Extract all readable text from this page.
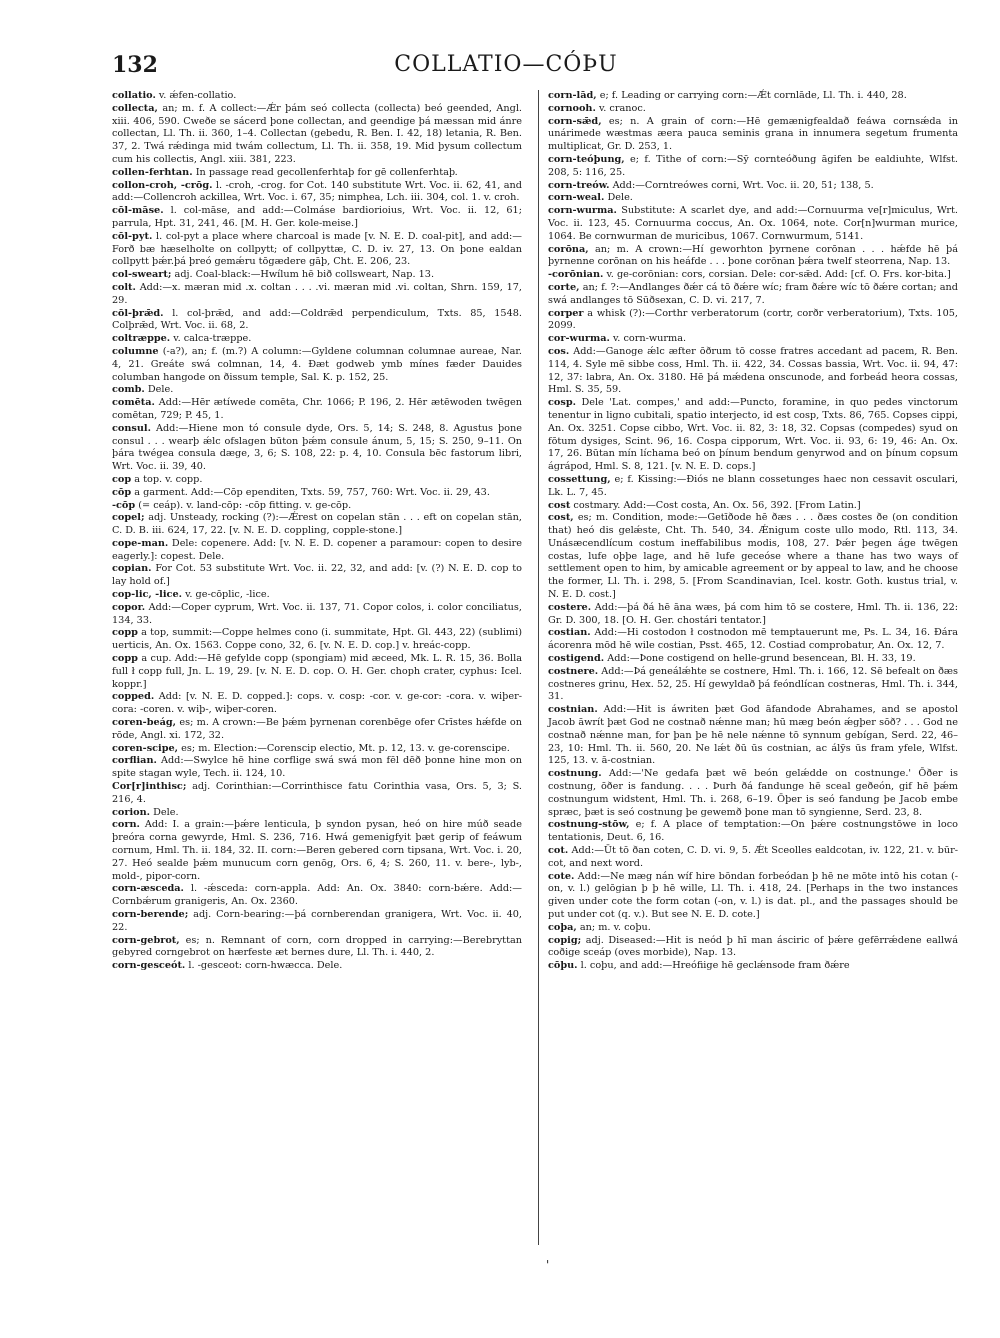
132	COLLATIO—CÓÞU
collatio. v. ǽfen-collatio.
collecta, an; m. f. A collect:—Ǽr þám seó collecta (collecta) beó geended, Angl. xiii. 406, 590. Cweðe se sácerd þone collectan, and geendige þá mæssan mid ánre collectan, Ll. Th. ii. 360, 1–4. Collectan (gebedu, R. Ben. I. 42, 18) letania, R. Ben. 37, 2. Twá rǽdinga mid twám collectum, Ll. Th. ii. 358, 19. Mid þysum collectum cum his collectis, Angl. xiii. 381, 223.
collen-ferhtan. In passage read gecollenferhtaþ for gē collenferhtaþ.
collon-croh, -crōg. l. -croh, -crog. for Cot. 140 substitute Wrt. Voc. ii. 62, 41, and add:—Collencroh ackillea, Wrt. Voc. i. 67, 35; nimphea, Lch. iii. 304, col. 1. v. croh.
cōl-māse. l. col-māse, and add:—Colmáse bardiorioius, Wrt. Voc. ii. 12, 61; parrula, Hpt. 31, 241, 46. [M. H. Ger. kole-meise.]
cōl-pyt. l. col-pyt a place where charcoal is made [v. N. E. D. coal-pit], and add:—Forð bæ hæselholte on collpytt; of collpyttæ, C. D. iv. 27, 13. On þone ealdan collpytt þǽr.þá þreó gemǽru tōgædere gāþ, Cht. E. 206, 23.
col-sweart; adj. Coal-black:—Hwílum hē bið collsweart, Nap. 13.
colt. Add:—x. mæran mid .x. coltan . . . .vi. mæran mid .vi. coltan, Shrn. 159, 17, 29.
cōl-þrǣd. l. col-þrǣd, and add:—Coldrǣd perpendiculum, Txts. 85, 1548. Colþrǣd, Wrt. Voc. ii. 68, 2.
coltræppe. v. calca-træppe.
columne (-a?), an; f. (m.?) A column:—Gyldene columnan columnae aureae, Nar. 4, 21. Greáte swá colmnan, 14, 4. Ðæt godweb ymb mínes fæder Dauides columban hangode on ðissum temple, Sal. K. p. 152, 25.
comb. Dele.
comēta. Add:—Hēr ætíwede comēta, Chr. 1066; P. 196, 2. Hēr ætēwoden twēgen comētan, 729; P. 45, 1.
consul. Add:—Hiene mon tó consule dyde, Ors. 5, 14; S. 248, 8. Agustus þone consul . . . wearþ ǽlc ofslagen būton þǽm consule ánum, 5, 15; S. 250, 9–11. On þára twégea consula dæge, 3, 6; S. 108, 22: p. 4, 10. Consula bēc fastorum libri, Wrt. Voc. ii. 39, 40.
cop a top. v. copp.
cōp a garment. Add:—Cōp ependiten, Txts. 59, 757, 760: Wrt. Voc. ii. 29, 43.
-cōp (= ceáp). v. land-cōp: -cōp fitting. v. ge-cōp.
copel; adj. Unsteady, rocking (?):—Ǽrest on copelan stān . . . eft on copelan stān, C. D. B. iii. 624, 17, 22. [v. N. E. D. coppling, copple-stone.]
cope-man. Dele: copenere. Add: [v. N. E. D. copener a paramour: copen to desire eagerly.]: copest. Dele.
copian. For Cot. 53 substitute Wrt. Voc. ii. 22, 32, and add: [v. (?) N. E. D. cop to lay hold of.]
cop-lic, -lice. v. ge-cōplic, -lice.
copor. Add:—Coper cyprum, Wrt. Voc. ii. 137, 71. Copor colos, i. color conciliatus, 134, 33.
copp a top, summit:—Coppe helmes cono (i. summitate, Hpt. Gl. 443, 22) (sublimi) uerticis, An. Ox. 1563. Coppe cono, 32, 6. [v. N. E. D. cop.] v. hreác-copp.
copp a cup. Add:—Hē gefylde copp (spongiam) mid æceed, Mk. L. R. 15, 36. Bolla full ł copp full, Jn. L. 19, 29. [v. N. E. D. cop. O. H. Ger. choph crater, cyphus: Icel. koppr.]
copped. Add: [v. N. E. D. copped.]: cops. v. cosp: -cor. v. ge-cor: -cora. v. wiþer-cora: -coren. v. wiþ-, wiþer-coren.
coren-beág, es; m. A crown:—Be þǽm þyrnenan corenbēge ofer Crīstes hǽfde on rōde, Angl. xi. 172, 32.
coren-scipe, es; m. Election:—Corenscip electio, Mt. p. 12, 13. v. ge-corenscipe.
corflian. Add:—Swylce hē hine corflige swá swá mon fēl dēð þonne hine mon on spite stagan wyle, Tech. ii. 124, 10.
Cor[r]inthisc; adj. Corinthian:—Corrinthisce fatu Corinthia vasa, Ors. 5, 3; S. 216, 4.
corion. Dele.
corn. Add: I. a grain:—þǽre lenticula, þ syndon pysan, heó on hire múð seade þreóra corna gewyrde, Hml. S. 236, 716. Hwá gemenigfyit þæt gerip of feáwum cornum, Hml. Th. ii. 184, 32. II. corn:—Beren gebered corn tipsana, Wrt. Voc. i. 20, 27. Heó sealde þǽm munucum corn genōg, Ors. 6, 4; S. 260, 11. v. bere-, lyb-, mold-, pipor-corn.
corn-æsceda. l. -ǽsceda: corn-appla. Add: An. Ox. 3840: corn-bǽre. Add:—Cornbǽrum granigeris, An. Ox. 2360.
corn-berende; adj. Corn-bearing:—þá cornberendan granigera, Wrt. Voc. ii. 40, 22.
corn-gebrot, es; n. Remnant of corn, corn dropped in carrying:—Berebryttan gebyred corngebrot on hærfeste æt bernes dure, Ll. Th. i. 440, 2.
corn-gesceót. l. -gesceot: corn-hwæcca. Dele.
corn-lād, e; f. Leading or carrying corn:—Ǽt cornlāde, Ll. Th. i. 440, 28.
cornooh. v. cranoc.
corn-sǣd, es; n. A grain of corn:—Hē gemænigfealdað feáwa cornsǽda in unárimede wæstmas æera pauca seminis grana in innumera segetum frumenta multiplicat, Gr. D. 253, 1.
corn-teóþung, e; f. Tithe of corn:—Sȳ cornteóðung āgifen be ealdiuhte, Wlfst. 208, 5: 116, 25.
corn-treów. Add:—Corntreówes corni, Wrt. Voc. ii. 20, 51; 138, 5.
corn-weal. Dele.
corn-wurma. Substitute: A scarlet dye, and add:—Cornuurma ve[r]miculus, Wrt. Voc. ii. 123, 45. Cornuurma coccus, An. Ox. 1064, note. Cor[n]wurman murice, 1064. Be cornwurman de muricibus, 1067. Cornwurmum, 5141.
corōna, an; m. A crown:—Hí geworhton þyrnene corōnan . . . hǽfde hē þá þyrnenne corōnan on his heáfde . . . þone corōnan þǽra twelf steorrena, Nap. 13.
-corōnian. v. ge-corōnian: cors, corsian. Dele: cor-sǣd. Add: [cf. O. Frs. kor-bita.]
corte, an; f. ?:—Andlanges ðǽr cá tō ðǽre wíc; fram ðǽre wíc tō ðǽre cortan; and swá andlanges tō Sūðsexan, C. D. vi. 217, 7.
corper a whisk (?):—Corthr verberatorum (cortr, corðr verberatorium), Txts. 105, 2099.
cor-wurma. v. corn-wurma.
cos. Add:—Ganoge ǽlc æfter ōðrum tō cosse fratres accedant ad pacem, R. Ben. 114, 4. Syle mē sibbe coss, Hml. Th. ii. 422, 34. Cossas bassia, Wrt. Voc. ii. 94, 47: 12, 37: labra, An. Ox. 3180. Hē þá mǽdena onscunode, and forbeád heora cossas, Hml. S. 35, 59.
cosp. Dele 'Lat. compes,' and add:—Puncto, foramine, in quo pedes vinctorum tenentur in ligno cubitali, spatio interjecto, id est cosp, Txts. 86, 765. Copses cippi, An. Ox. 3251. Copse cibbo, Wrt. Voc. ii. 82, 3: 18, 32. Copsas (compedes) syud on fōtum dysiges, Scint. 96, 16. Cospa cipporum, Wrt. Voc. ii. 93, 6: 19, 46: An. Ox. 17, 26. Būtan mín líchama beó on þínum bendum genyrwod and on þínum copsum ágrápod, Hml. S. 8, 121. [v. N. E. D. cops.]
cossettung, e; f. Kissing:—Ðiós ne blann cossetunges haec non cessavit osculari, Lk. L. 7, 45.
cost costmary. Add:—Cost costa, An. Ox. 56, 392. [From Latin.]
cost, es; m. Condition, mode:—Getīðode hē ðæs . . . ðæs costes ðe (on condition that) heó dis gelǽste, Cht. Th. 540, 34. Ǽnigum coste ullo modo, Rtl. 113, 34. Unásæcendlícum costum ineffabilibus modis, 108, 27. Þǽr þegen áge twēgen costas, lufe oþþe lage, and hē lufe geceóse where a thane has two ways of settlement open to him, by amicable agreement or by appeal to law, and he choose the former, Ll. Th. i. 298, 5. [From Scandinavian, Icel. kostr. Goth. kustus trial, v. N. E. D. cost.]
costere. Add:—þá ðá hē āna wæs, þá com him tō se costere, Hml. Th. ii. 136, 22: Gr. D. 300, 18. [O. H. Ger. chostári tentator.]
costian. Add:—Hi costodon ł costnodon mē temptauerunt me, Ps. L. 34, 16. Ðára ácorenra mōd hē wile costian, Psst. 465, 12. Costiad comprobatur, An. Ox. 12, 7.
costigend. Add:—Þone costigend on helle-grund besencean, Bl. H. 33, 19.
costnere. Add:—Þá geneálǽhte se costnere, Hml. Th. i. 166, 12. Sē befealt on ðæs costneres grinu, Hex. 52, 25. Hí gewyldað þá feóndlícan costneras, Hml. Th. i. 344, 31.
costnian. Add:—Hit is áwriten þæt God āfandode Abrahames, and se apostol Jacob āwrít þæt God ne costnað nǽnne man; hū mæg beón ǽgþer sōð? . . . God ne costnað nǽnne man, for þan þe hē nele nǽnne tō synnum gebígan, Serd. 22, 46–23, 10: Hml. Th. ii. 560, 20. Ne lǽt ðū ūs costnian, ac álȳs ūs fram yfele, Wlfst. 125, 13. v. ā-costnian.
costnung. Add:—'Ne gedafa þæt wē beón gelǽdde on costnunge.' Ōðer is costnung, ōðer is fandung. . . . Þurh ðá fandunge hē sceal geðeón, gif hē þǽm costnungum widstent, Hml. Th. i. 268, 6–19. Ōþer is seó fandung þe Jacob embe spræc, þæt is seó costnung þe gewemð þone man tō syngienne, Serd. 23, 8.
costnung-stōw, e; f. A place of temptation:—On þǽre costnungstōwe in loco tentationis, Deut. 6, 16.
cot. Add:—Ūt tō ðan coten, C. D. vi. 9, 5. Ǽt Sceolles ealdcotan, iv. 122, 21. v. būr-cot, and next word.
cote. Add:—Ne mæg nán wíf hire bōndan forbeódan þ hē ne mōte intō his cotan (-on, v. l.) gelōgian þ þ hē wille, Ll. Th. i. 418, 24. [Perhaps in the two instances given under cote the form cotan (-on, v. l.) is dat. pl., and the passages should be put under cot (q. v.). But see N. E. D. cote.]
coþa, an; m. v. coþu.
copig; adj. Diseased:—Hit is neód þ hī man ásciric of þǽre gefērrǽdene eallwá coðige sceáp (oves morbide), Nap. 13.
cōþu. l. coþu, and add:—Hreófiige hē geclǽnsode fram ðǽre
'
